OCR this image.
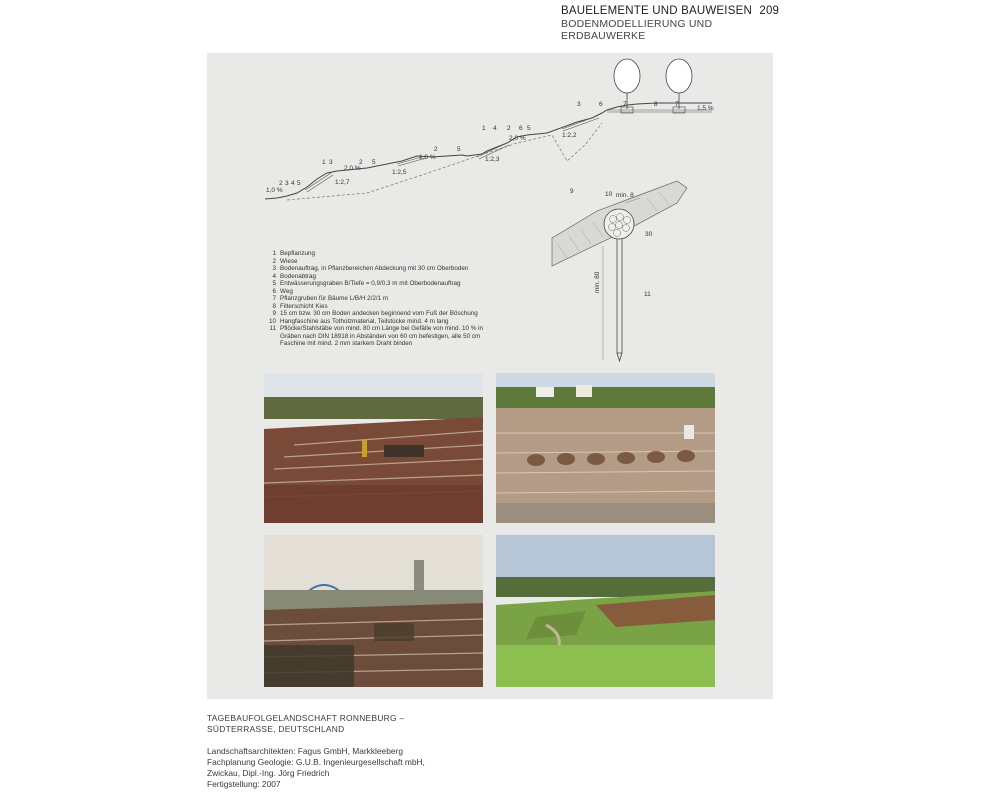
BAUELEMENTE UND BAUWEISEN 209
BODENMODELLIERUNG UND ERDBAUWERKE
1,0 %
2 3 4 5
1 3
2,0 %
2 5
1:2,7
1:2,5
1,0 %
2	5
1 4 2 6 5
2,0 %
1:2,3
1:2,2
3	6	7	8	7
1,5 %
9	10 min. 8
30
11
min. 80
1 Bepflanzung
2 Wiese
3 Bodenauftrag, in Pflanzbereichen Abdeckung mit 30 cm Oberboden
4 Bodenabtrag
5 Entwässerungsgraben B/Tiefe = 0,9/0,3 m mit Oberbodenauftrag
6 Weg
7 Pflanzgruben für Bäume L/B/H 2/2/1 m
8 Filterschicht Kies
9 15 cm bzw. 30 cm Boden andecken beginnend vom Fuß der Böschung
10 Hangfaschine aus Totholzmaterial, Teilstücke mind. 4 m lang
11 Pflöcke/Stahlstäbe von mind. 80 cm Länge bei Gefälle von mind. 10 % in Gräben nach DIN 18918 in Abständen von 60 cm befestigen, alle 50 cm Faschine mit mind. 2 mm starkem Draht binden
TAGEBAUFOLGELANDSCHAFT RONNEBURG –
SÜDTERRASSE, DEUTSCHLAND
Landschaftsarchitekten: Fagus GmbH, Markkleeberg
Fachplanung Geologie: G.U.B. Ingenieurgesellschaft mbH,
Zwickau, Dipl.-Ing. Jörg Friedrich
Fertigstellung: 2007
